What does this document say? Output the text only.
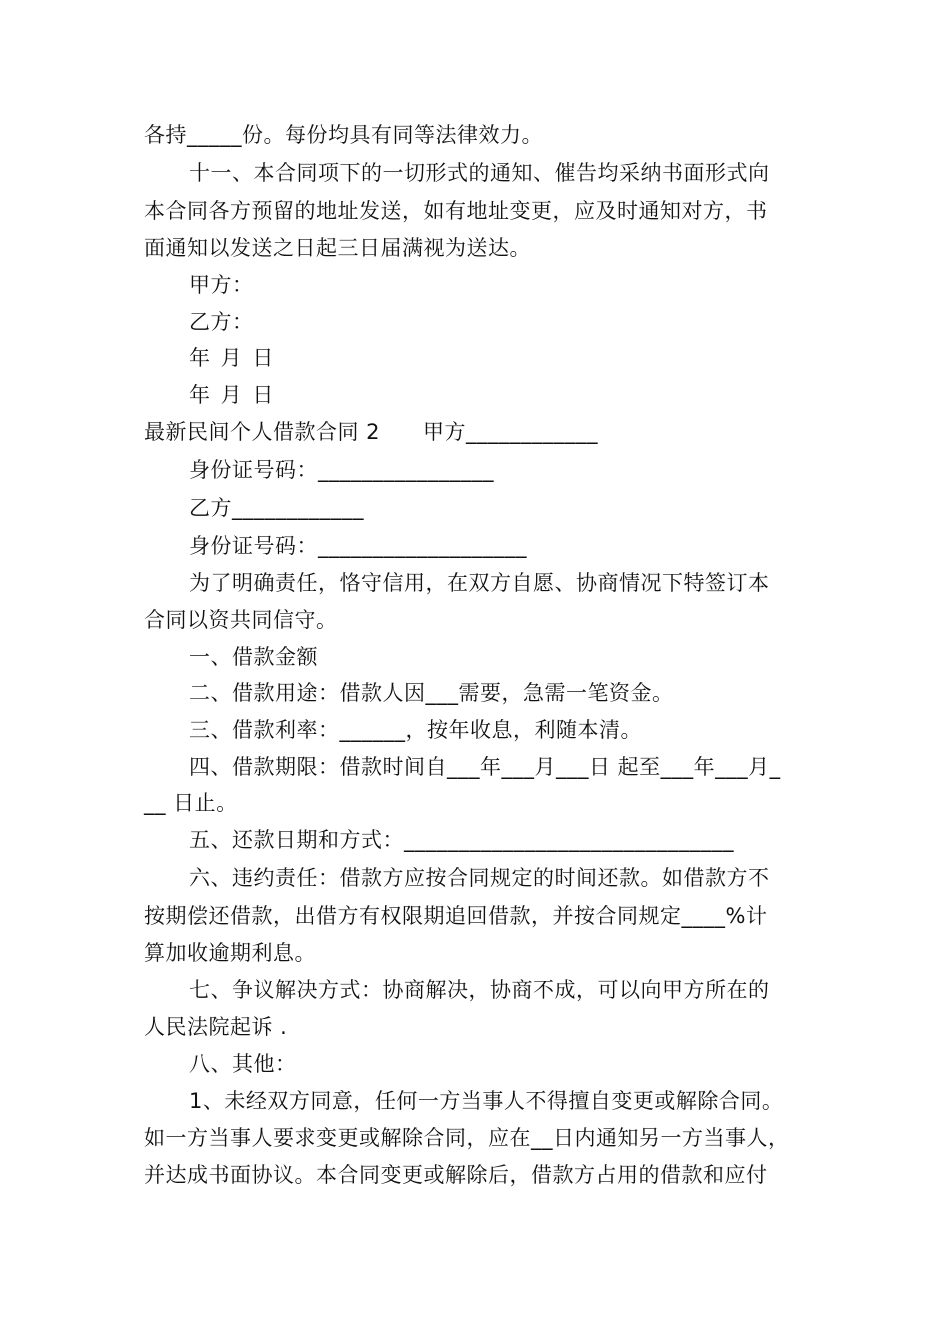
各持_____份。每份均具有同等法律效力。
十一、本合同项下的一切形式的通知、催告均采纳书面形式向
本合同各方预留的地址发送，如有地址变更，应及时通知对方，书
面通知以发送之日起三日届满视为送达。
甲方：
乙方：
年 月 日
年 月 日
最新民间个人借款合同 2　　甲方____________
身份证号码：________________
乙方____________
身份证号码：___________________
为了明确责任，恪守信用，在双方自愿、协商情况下特签订本
合同以资共同信守。
一、借款金额
二、借款用途：借款人因___需要，急需一笔资金。
三、借款利率：______，按年收息，利随本清。
四、借款期限：借款时间自___年___月___日 起至___年___月_
__ 日止。
五、还款日期和方式：______________________________
六、违约责任：借款方应按合同规定的时间还款。如借款方不
按期偿还借款，出借方有权限期追回借款，并按合同规定____%计
算加收逾期利息。
七、争议解决方式：协商解决，协商不成，可以向甲方所在的
人民法院起诉 .
八、其他：
1、未经双方同意，任何一方当事人不得擅自变更或解除合同。
如一方当事人要求变更或解除合同，应在__日内通知另一方当事人，
并达成书面协议。本合同变更或解除后，借款方占用的借款和应付
